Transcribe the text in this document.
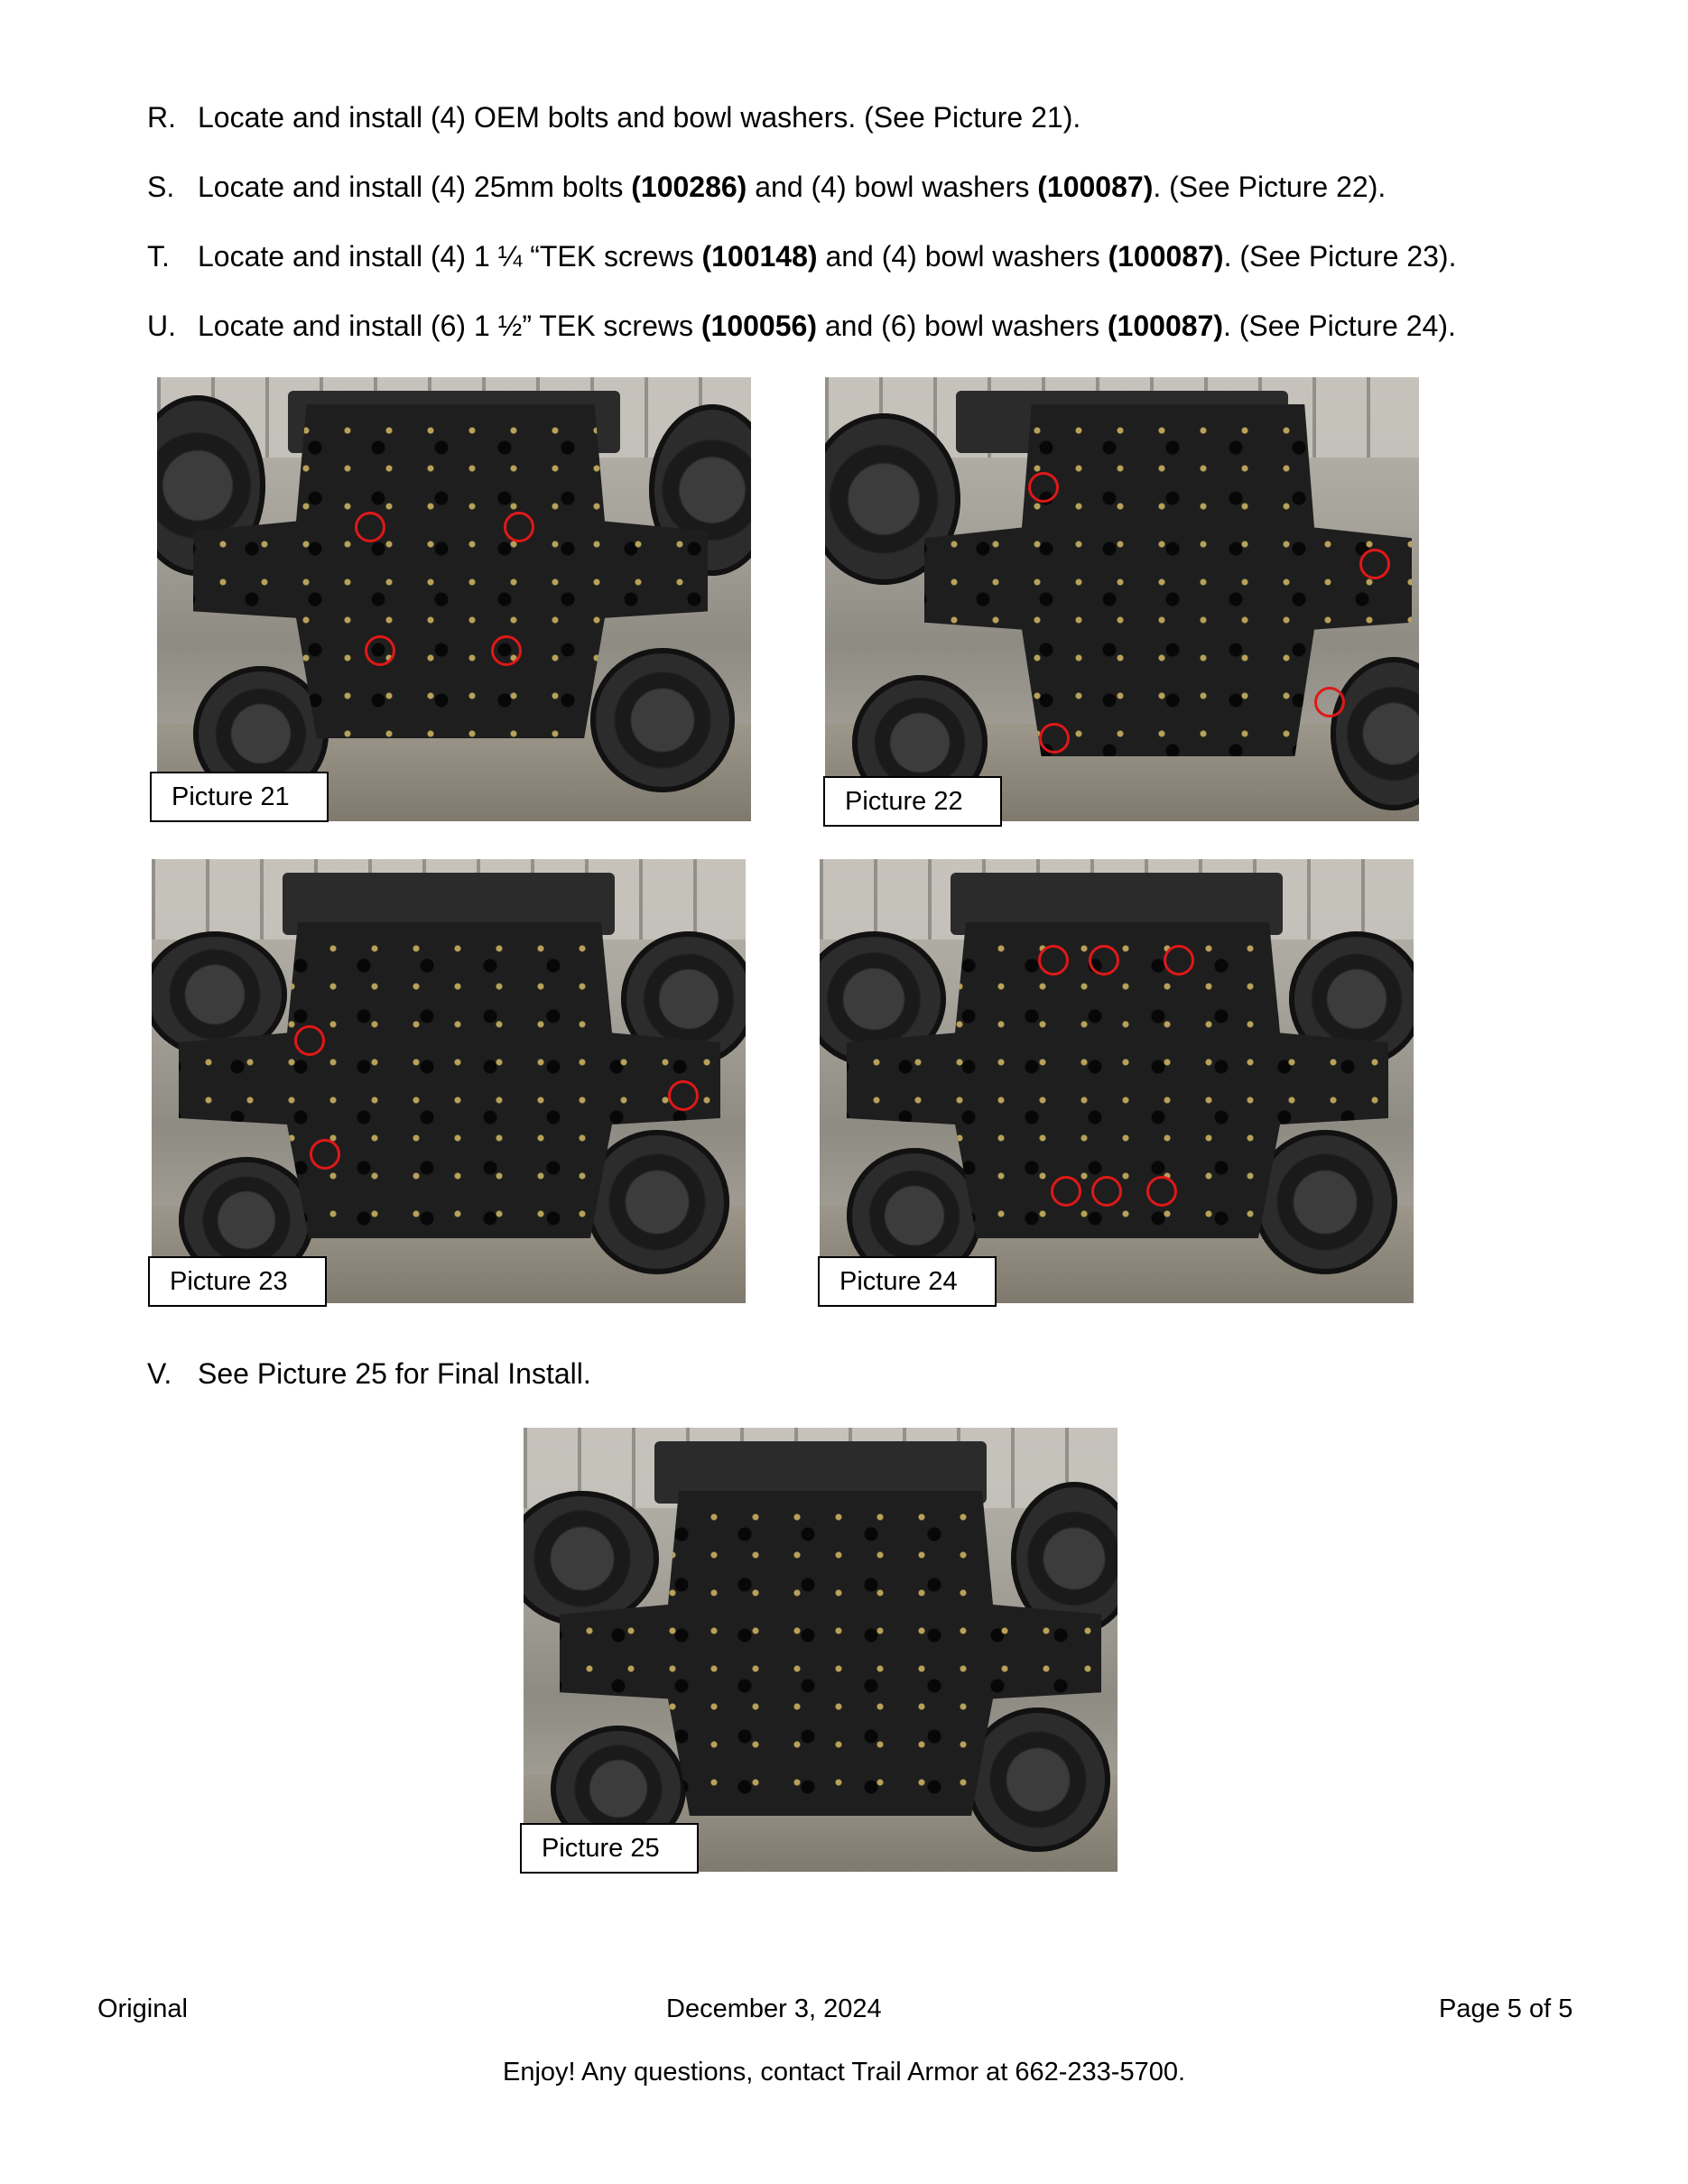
R. Locate and install (4) OEM bolts and bowl washers. (See Picture 21).
S. Locate and install (4) 25mm bolts (100286) and (4) bowl washers (100087). (See Picture 22).
T. Locate and install (4) 1 ¼ “TEK screws (100148) and (4) bowl washers (100087). (See Picture 23).
U. Locate and install (6) 1 ½” TEK screws (100056) and (6) bowl washers (100087). (See Picture 24).
Picture 21	Picture 22
Picture 23	Picture 24
V. See Picture 25 for Final Install.
Picture 25
Original	December 3, 2024	Page 5 of 5
Enjoy! Any questions, contact Trail Armor at 662-233-5700.
